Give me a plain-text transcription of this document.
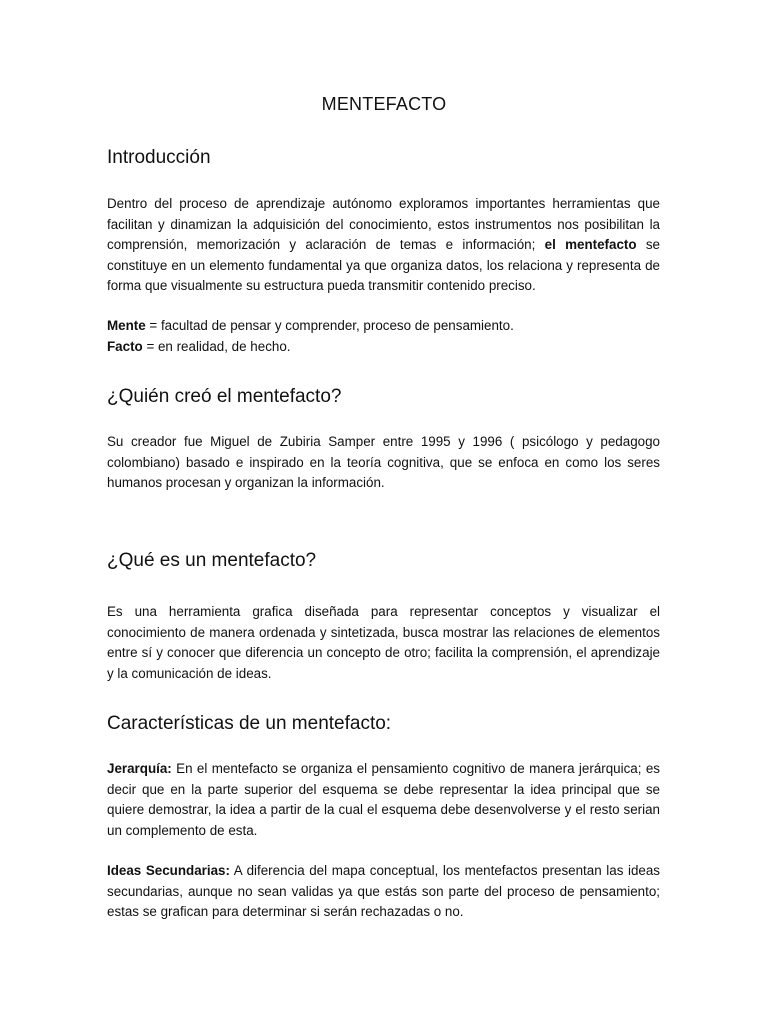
MENTEFACTO
Introducción

Dentro del proceso de aprendizaje autónomo exploramos importantes herramientas que facilitan y dinamizan la adquisición del conocimiento, estos instrumentos nos posibilitan la comprensión, memorización y aclaración de temas e información; el mentefacto se constituye en un elemento fundamental ya que organiza datos, los relaciona y representa de forma que visualmente su estructura pueda transmitir contenido preciso.

Mente = facultad de pensar y comprender, proceso de pensamiento.
Facto = en realidad, de hecho.

¿Quién creó el mentefacto?

Su creador fue Miguel de Zubiria Samper entre 1995 y 1996 ( psicólogo y pedagogo colombiano) basado e inspirado en la teoría cognitiva, que se enfoca en como los seres humanos procesan y organizan la información.

¿Qué es un mentefacto?

Es una herramienta grafica diseñada para representar conceptos y visualizar el conocimiento de manera ordenada y sintetizada, busca mostrar las relaciones de elementos entre sí y conocer que diferencia un concepto de otro; facilita la comprensión, el aprendizaje y la comunicación de ideas.

Características de un mentefacto:

Jerarquía: En el mentefacto se organiza el pensamiento cognitivo de manera jerárquica; es decir que en la parte superior del esquema se debe representar la idea principal que se quiere demostrar, la idea a partir de la cual el esquema debe desenvolverse y el resto serian un complemento de esta.

Ideas Secundarias: A diferencia del mapa conceptual, los mentefactos presentan las ideas secundarias, aunque no sean validas ya que estás son parte del proceso de pensamiento; estas se grafican para determinar si serán rechazadas o no.
